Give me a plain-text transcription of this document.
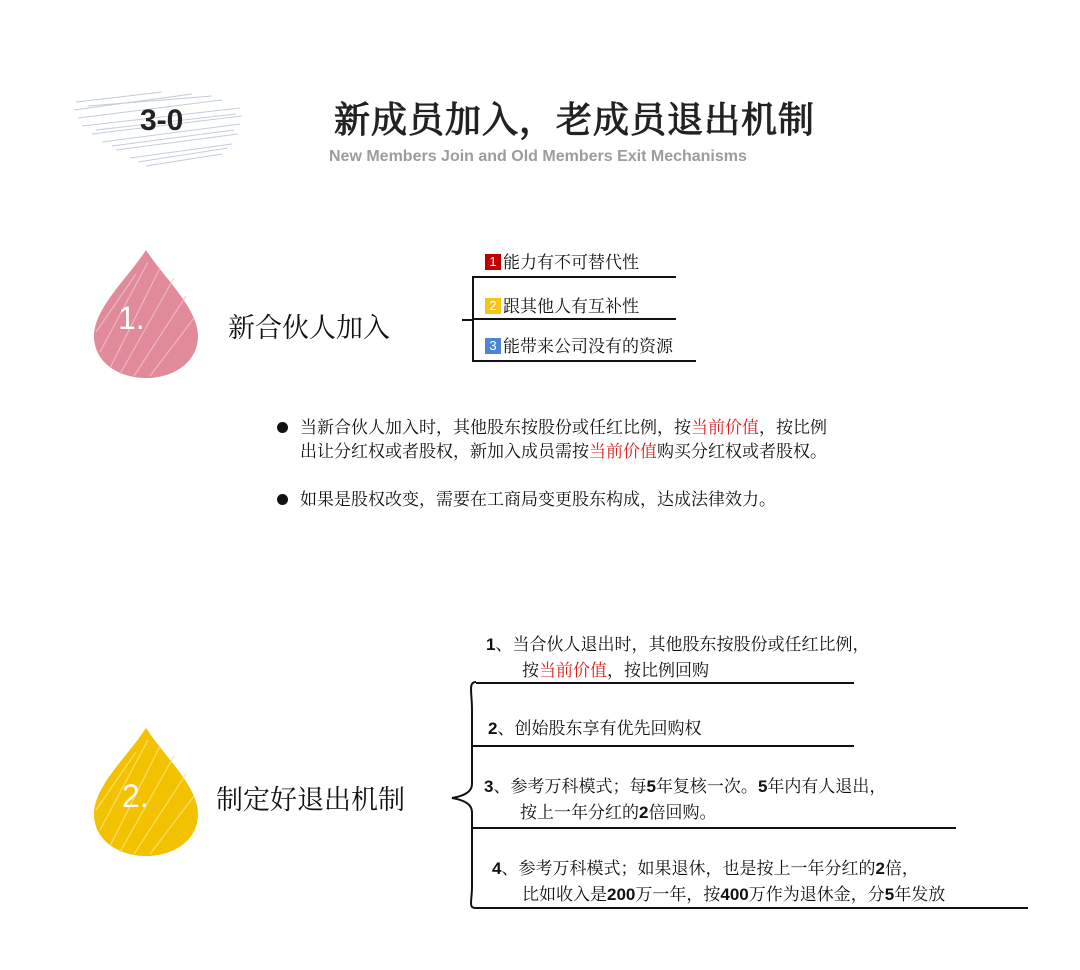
3-0	新成员加入，老成员退出机制
New Members Join and Old Members Exit Mechanisms
1.	新合伙人加入
1 能力有不可替代性
2 跟其他人有互补性
3 能带来公司没有的资源
当新合伙人加入时，其他股东按股份或任红比例，按当前价值，按比例
出让分红权或者股权，新加入成员需按当前价值购买分红权或者股权。
如果是股权改变，需要在工商局变更股东构成，达成法律效力。
2. 制定好退出机制
1、当合伙人退出时，其他股东按股份或任红比例，
按当前价值，按比例回购
2、创始股东享有优先回购权
3、参考万科模式；每5年复核一次。5年内有人退出，
按上一年分红的2倍回购。
4、参考万科模式；如果退休，也是按上一年分红的2倍，
比如收入是200万一年，按400万作为退休金，分5年发放
